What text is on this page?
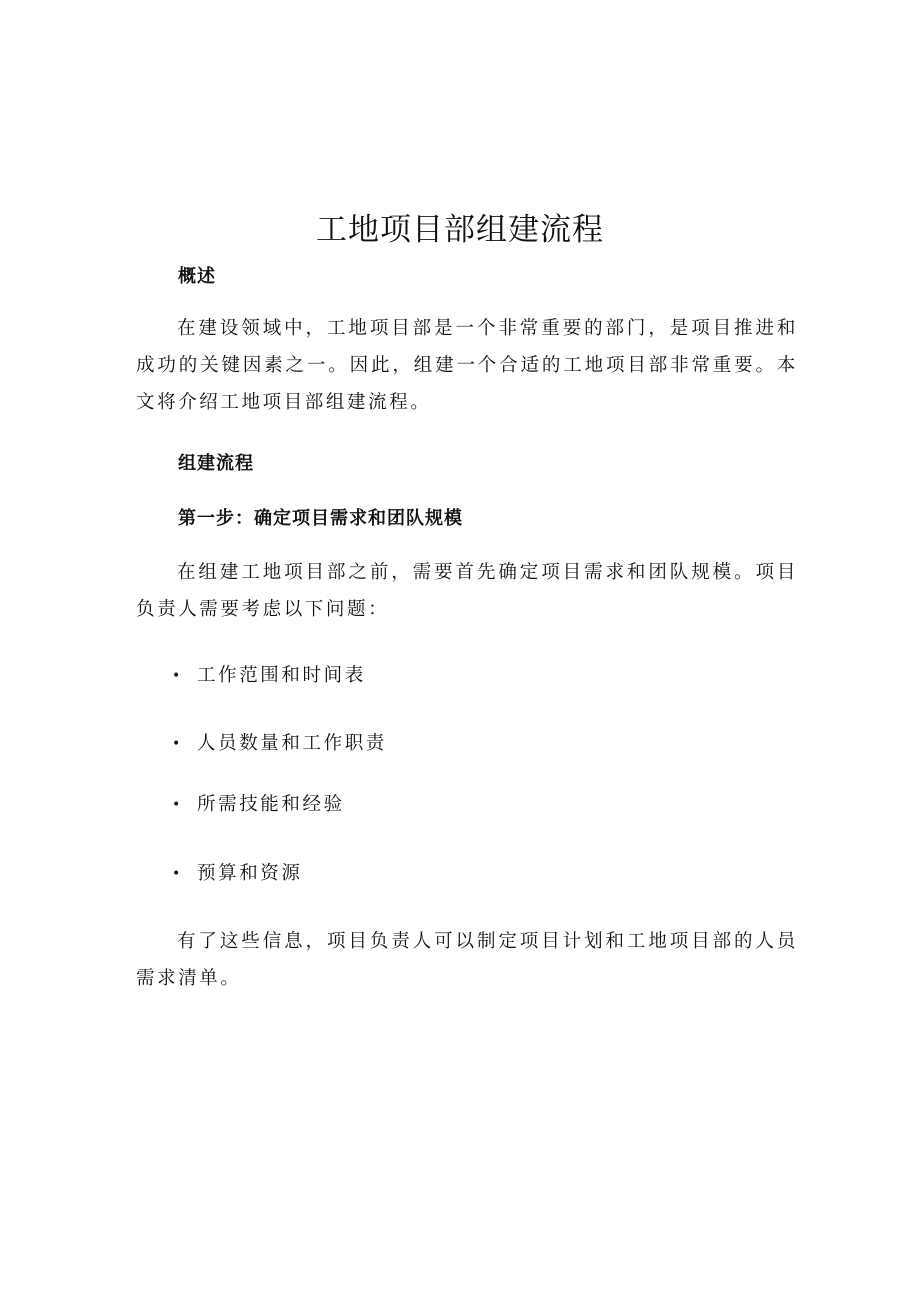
工地项目部组建流程
概述

在建设领域中，工地项目部是一个非常重要的部门，是项目推进和成功的关键因素之一。因此，组建一个合适的工地项目部非常重要。本文将介绍工地项目部组建流程。

组建流程
第一步：确定项目需求和团队规模

在组建工地项目部之前，需要首先确定项目需求和团队规模。项目负责人需要考虑以下问题：

• 工作范围和时间表
• 人员数量和工作职责
• 所需技能和经验
• 预算和资源

有了这些信息，项目负责人可以制定项目计划和工地项目部的人员需求清单。
